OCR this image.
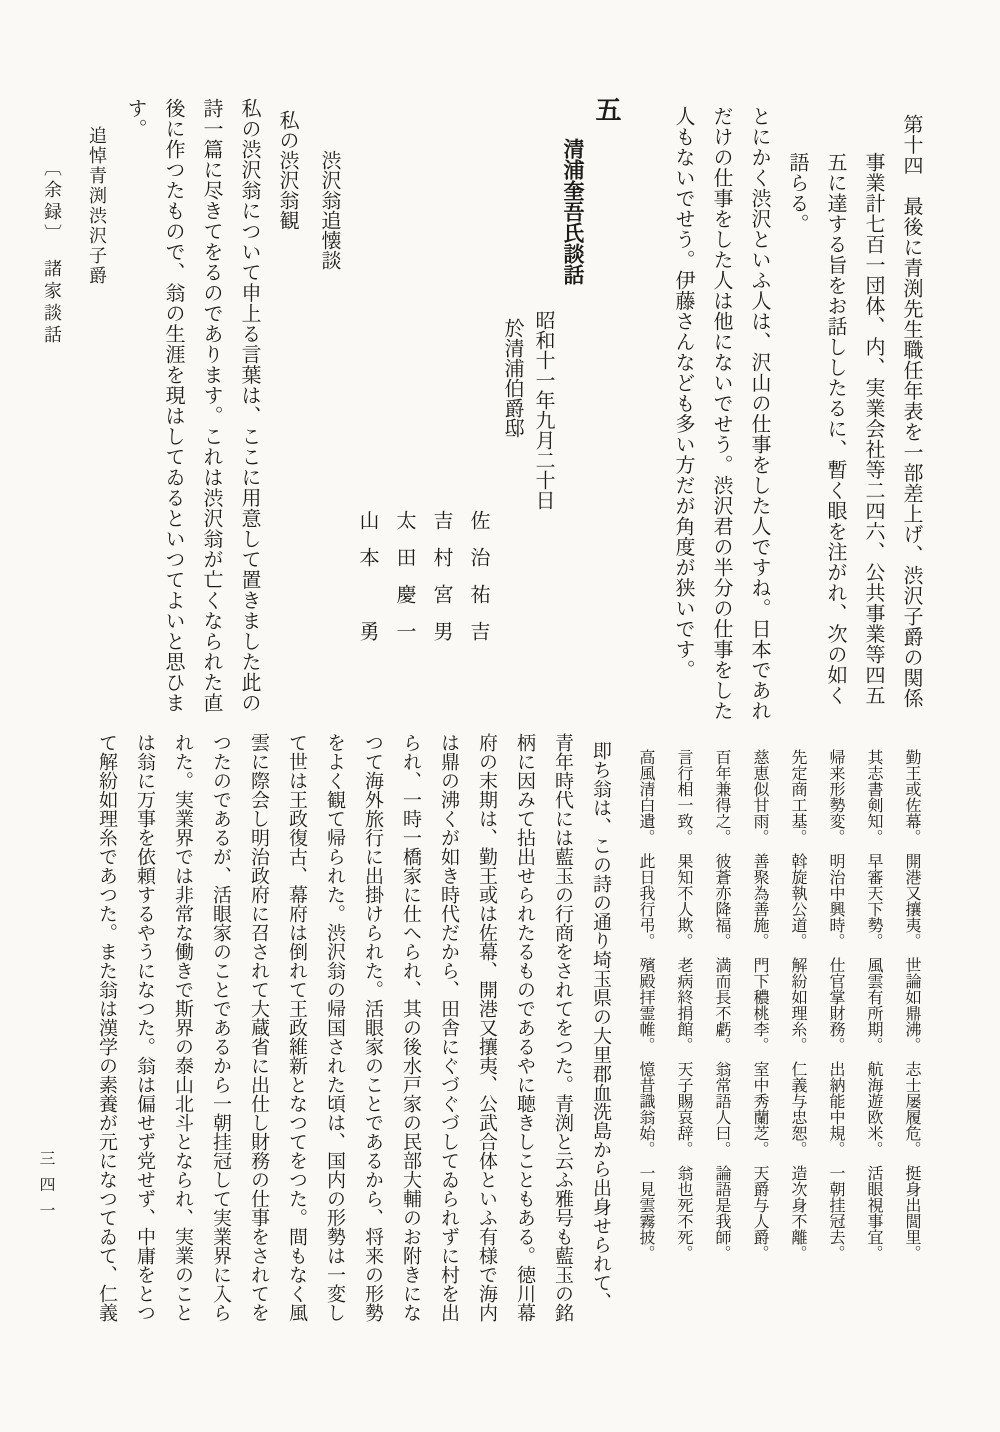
第十四　最後に青渕先生職任年表を一部差上げ、渋沢子爵の関係
事業計七百一団体、内、実業会社等二四六、公共事業等四五
五に達する旨をお話ししたるに、暫く眼を注がれ、次の如く
語らる。
とにかく渋沢といふ人は、沢山の仕事をした人ですね。日本であれ
だけの仕事をした人は他にないでせう。渋沢君の半分の仕事をした
人もないでせう。伊藤さんなども多い方だが角度が狭いです。
五
清浦奎吾氏談話
昭和十一年九月二十日
於清浦伯爵邸
佐治祐吉
吉村宮男
太田慶一
山本　勇
渋沢翁追懐談
私の渋沢翁観
私の渋沢翁について申上る言葉は、ここに用意して置きました此の
詩一篇に尽きてをるのであります。これは渋沢翁が亡くなられた直
後に作つたもので、翁の生涯を現はしてゐるといつてよいと思ひま
す。
追悼青渕渋沢子爵
〔余録〕　諸家談話
勤王或佐幕。　開港又攘夷。　世論如鼎沸。　志士屡履危。　挺身出閭里。
其志書剣知。　早審天下勢。　風雲有所期。　航海遊欧米。　活眼視事宜。
帰来形勢変。　明治中興時。　仕官掌財務。　出納能中規。　一朝挂冠去。
先定商工基。　斡旋執公道。　解紛如理糸。　仁義与忠恕。　造次身不離。
慈恵似甘雨。　善聚為善施。　門下穠桃李。　室中秀蘭芝。　天爵与人爵。
百年兼得之。　彼蒼亦降福。　満而長不虧。　翁常語人曰。　論語是我師。
言行相一致。　果知不人欺。　老病終捐館。　天子賜哀辞。　翁也死不死。
高風清白遺。　此日我行弔。　殯殿拝霊帷。　憶昔識翁始。　一見雲霧披。
即ち翁は、この詩の通り埼玉県の大里郡血洗島から出身せられて、
青年時代には藍玉の行商をされてをつた。青渕と云ふ雅号も藍玉の銘
柄に因みて拈出せられたるものであるやに聴きしこともある。徳川幕
府の末期は、勤王或は佐幕、開港又攘夷、公武合体といふ有様で海内
は鼎の沸くが如き時代だから、田舎にぐづぐづしてゐられずに村を出
られ、一時一橋家に仕へられ、其の後水戸家の民部大輔のお附きにな
つて海外旅行に出掛けられた。活眼家のことであるから、将来の形勢
をよく観て帰られた。渋沢翁の帰国された頃は、国内の形勢は一変し
て世は王政復古、幕府は倒れて王政維新となつてをつた。間もなく風
雲に際会し明治政府に召されて大蔵省に出仕し財務の仕事をされてを
つたのであるが、活眼家のことであるから一朝挂冠して実業界に入ら
れた。実業界では非常な働きで斯界の泰山北斗となられ、実業のこと
は翁に万事を依頼するやうになつた。翁は偏せず党せず、中庸をとつ
て解紛如理糸であつた。また翁は漢学の素養が元になつてゐて、仁義
三四一
